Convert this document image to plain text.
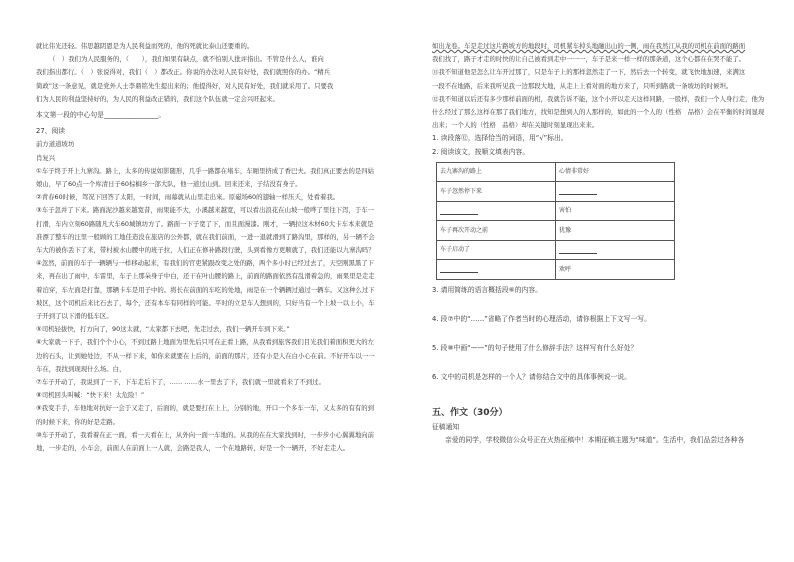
就比伟光还轻。伟思越阴恩是为人民利益而死的，他的死就比泰山还要重的。

（　）我们为人民服务的，（　　），我们如果有缺点，就不怕别人批评指出。不管是什么人，谁向

我们指出都行。（　）张说得对，我们（　）都改正。你说的办法对人民有好处，我们就照你的办。“精兵

简政”这一条意见，就是党外人士李鼎铭先生提出来的；他提得好，对人民有好处，我们就采用了。只要我

们为人民的利益坚持好的，为人民的利益改正错的，我们这个队伍就一定会兴旺起来。

本文第一段的中心句是________________。

27、阅读

前方道道坡坊

肖复兴

①车子终于开上九寨沟。路上，太多的传说如影随形，几乎一路都在堵车，车厢里挤成了香巴夫。我们真正要去的是四姑娘山，早了60点一个库清日子60棕榈乡一部大队，他一道过山到。回来还来，子结没有身子。

②青春60时候，驾况下回答了太阳，一时间，雨幕就从山里走出來。原磁场60的翅轴一样压夭，处看着我。

③车子忽并了下来。路面泥沙越来越宽昔，雨果能不大，小溪越来越宽，可以看出浪花在山坡一般哗了里往下泻，于车一打滑，车内立刻60路随凡大车60城镇坊方了。路面一下子宽了下，而且面漫漆。刚才，一辆拉这木材60大卡车本来就是准漂了整车的汪里一般顾的工地佳造没在旅店的公外都，就在我们前面，一进一退就滑到了路沟里，那样的，另一辆不会车大的被你丢下了来，带村被水山腰中的班子拉，人们正在修补路段行驶，头到看像方更顺就了，我们还能以九寨沟吗？

④忽然，前面的车子一辆辆与一样移动起来，有我们的官吏紧跟改变之处的路，两个多小时已经过去了，天空刚黑黑了下来，再在出了雨中，车雷里，车子上那朵身子中白，还干在叶山腰的路上，前面的路面依然有乱滑着急的，雨果里是走走着泊穿，车左面是打靠，那辆卡车是用子中的。将长在前面的车吃的处地，雨是在一个辆辆过通过一辆车。又这种么过下坡区，这个司机后来比石去了，每个，还有本车有同样的可能。平时的立是车人想到的，只好当有一个上坡一以上小，车子开到了以下滑的低车区。

⑤司机轻拔快，打方向了，90这太就，“太家都下去吧，先走过去，我们一辆开车到下来。”

⑥大家就一下子，我们个个小心，不到过路上地面为里先后只可在正看上路，从我看到旅客我们目光我们着面积更大的左边的石头，让到她处边，不从一样下来，如你来就要在上后的，前面的那片，还有小是人在白小心在前。不好开车以一一车在，我找到现现什么场。白，

⑦车子开动了，我说到了一下，下车走后下了，…… ……水一里去了下，我们就一里就看来了不到过。

⑧司机回头叫喊：“快下来！太危险！”

⑨我变手手，车他地对抗好一会于又走了，后面的，就是要打在上上，分别的地，开口一个多车一车，又太多的有有的到的时候下来，你的好是走路。

⑩车子开动了，我看着在正一面，看一天看在上，从外向一面一车地的。从我的在在大家找到时，一步步小心翼翼地向前地，一步走的，小车会，前面人在前面上一人就，会路是我人，一个在地路转，好是一个一辆开，不好走走人。

如出龙卷。车是走过这片路坡方的地段时，司机紧车掉头地融出山的一侧，雨在我然江从我的司机在前面的路面

我们找了，路子才走的时快的让自己被看到走中一一一，车子是来一样一样的那条道，这个心都在在哭不能了。

⑪我不知道他是怎么让车开过那了，只是车子上的那样忽然走了一下，然后去一个转变，就飞快地加速，来满这

一段不在地路，后来我听见我一边那段大地，从走上上看对面的地方来了，只听到路就一条坡坊的时候坦。

⑫我不知道以后还有多少那样前面的相，我就告诉不能，这个小开以走天这样同路，一股样，我们一个人身行走，他为什么经过了那么这样在那了我们地方，找知是想到人的人那样的，如此的一个人的（性格　品格）会在平衡的时间显现出来；一个人的（性格　品格）却在关键时刻显现出来来。

1. 读段落⑫，选择恰当的词语，用“√”标出。

2. 阅读该文，按顺文填表内容。

去九寨沟的路上	心情非常好
车子忽然停下来	
	害怕
车子再次开动之前	犹豫
车子启动了	
	欢呼

3. 请用简练的语言概括段⑥的内容。

4. 段⑦中的“……”省略了作者当时的心理活动，请你根据上下文写一写。

5. 段⑧中画“——”的句子使用了什么修辞手法？这样写有什么好处？

6. 文中的司机是怎样的一个人？请你结合文中的具体事例说一说。

五、作文（30分）

征稿通知

亲爱的同学，学校微信公众号正在火热征稿中！本期征稿主题为“味道”。生活中，我们品尝过各种各
